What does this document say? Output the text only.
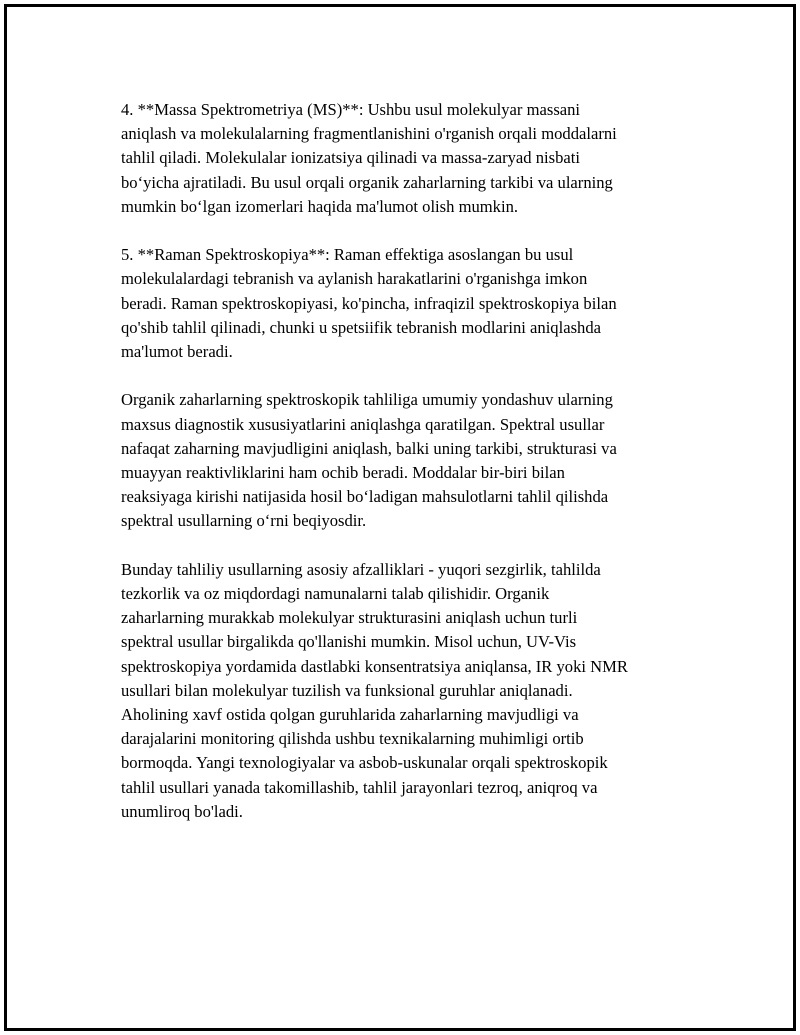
4. **Massa Spektrometriya (MS)**: Ushbu usul molekulyar massani
aniqlash va molekulalarning fragmentlanishini o'rganish orqali moddalarni
tahlil qiladi. Molekulalar ionizatsiya qilinadi va massa-zaryad nisbati
bo‘yicha ajratiladi. Bu usul orqali organik zaharlarning tarkibi va ularning
mumkin bo‘lgan izomerlari haqida ma'lumot olish mumkin.

5. **Raman Spektroskopiya**: Raman effektiga asoslangan bu usul
molekulalardagi tebranish va aylanish harakatlarini o'rganishga imkon
beradi. Raman spektroskopiyasi, ko'pincha, infraqizil spektroskopiya bilan
qo'shib tahlil qilinadi, chunki u spetsiifik tebranish modlarini aniqlashda
ma'lumot beradi.

Organik zaharlarning spektroskopik tahliliga umumiy yondashuv ularning
maxsus diagnostik xususiyatlarini aniqlashga qaratilgan. Spektral usullar
nafaqat zaharning mavjudligini aniqlash, balki uning tarkibi, strukturasi va
muayyan reaktivliklarini ham ochib beradi. Moddalar bir-biri bilan
reaksiyaga kirishi natijasida hosil bo‘ladigan mahsulotlarni tahlil qilishda
spektral usullarning o‘rni beqiyosdir.

Bunday tahliliy usullarning asosiy afzalliklari - yuqori sezgirlik, tahlilda
tezkorlik va oz miqdordagi namunalarni talab qilishidir. Organik
zaharlarning murakkab molekulyar strukturasini aniqlash uchun turli
spektral usullar birgalikda qo'llanishi mumkin. Misol uchun, UV-Vis
spektroskopiya yordamida dastlabki konsentratsiya aniqlansa, IR yoki NMR
usullari bilan molekulyar tuzilish va funksional guruhlar aniqlanadi.
Aholining xavf ostida qolgan guruhlarida zaharlarning mavjudligi va
darajalarini monitoring qilishda ushbu texnikalarning muhimligi ortib
bormoqda. Yangi texnologiyalar va asbob-uskunalar orqali spektroskopik
tahlil usullari yanada takomillashib, tahlil jarayonlari tezroq, aniqroq va
unumliroq bo'ladi.
